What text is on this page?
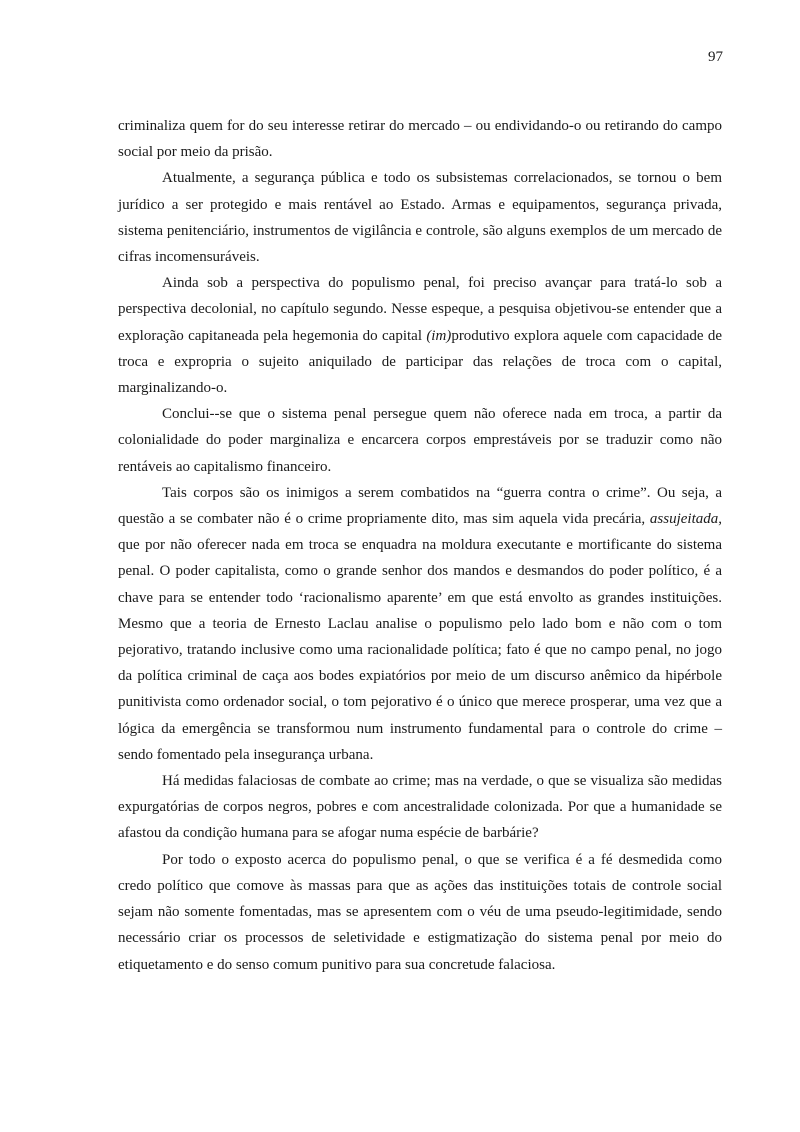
97

criminaliza quem for do seu interesse retirar do mercado – ou endividando-o ou retirando do campo social por meio da prisão.

Atualmente, a segurança pública e todo os subsistemas correlacionados, se tornou o bem jurídico a ser protegido e mais rentável ao Estado. Armas e equipamentos, segurança privada, sistema penitenciário, instrumentos de vigilância e controle, são alguns exemplos de um mercado de cifras incomensuráveis.

Ainda sob a perspectiva do populismo penal, foi preciso avançar para tratá-lo sob a perspectiva decolonial, no capítulo segundo. Nesse espeque, a pesquisa objetivou-se entender que a exploração capitaneada pela hegemonia do capital (im)produtivo explora aquele com capacidade de troca e expropria o sujeito aniquilado de participar das relações de troca com o capital, marginalizando-o.

Conclui--se que o sistema penal persegue quem não oferece nada em troca, a partir da colonialidade do poder marginaliza e encarcera corpos emprestáveis por se traduzir como não rentáveis ao capitalismo financeiro.

Tais corpos são os inimigos a serem combatidos na “guerra contra o crime”. Ou seja, a questão a se combater não é o crime propriamente dito, mas sim aquela vida precária, assujeitada, que por não oferecer nada em troca se enquadra na moldura executante e mortificante do sistema penal. O poder capitalista, como o grande senhor dos mandos e desmandos do poder político, é a chave para se entender todo ‘racionalismo aparente’ em que está envolto as grandes instituições. Mesmo que a teoria de Ernesto Laclau analise o populismo pelo lado bom e não com o tom pejorativo, tratando inclusive como uma racionalidade política; fato é que no campo penal, no jogo da política criminal de caça aos bodes expiatórios por meio de um discurso anêmico da hipérbole punitivista como ordenador social, o tom pejorativo é o único que merece prosperar, uma vez que a lógica da emergência se transformou num instrumento fundamental para o controle do crime – sendo fomentado pela insegurança urbana.

Há medidas falaciosas de combate ao crime; mas na verdade, o que se visualiza são medidas expurgatórias de corpos negros, pobres e com ancestralidade colonizada. Por que a humanidade se afastou da condição humana para se afogar numa espécie de barbárie?

Por todo o exposto acerca do populismo penal, o que se verifica é a fé desmedida como credo político que comove às massas para que as ações das instituições totais de controle social sejam não somente fomentadas, mas se apresentem com o véu de uma pseudo-legitimidade, sendo necessário criar os processos de seletividade e estigmatização do sistema penal por meio do etiquetamento e do senso comum punitivo para sua concretude falaciosa.
